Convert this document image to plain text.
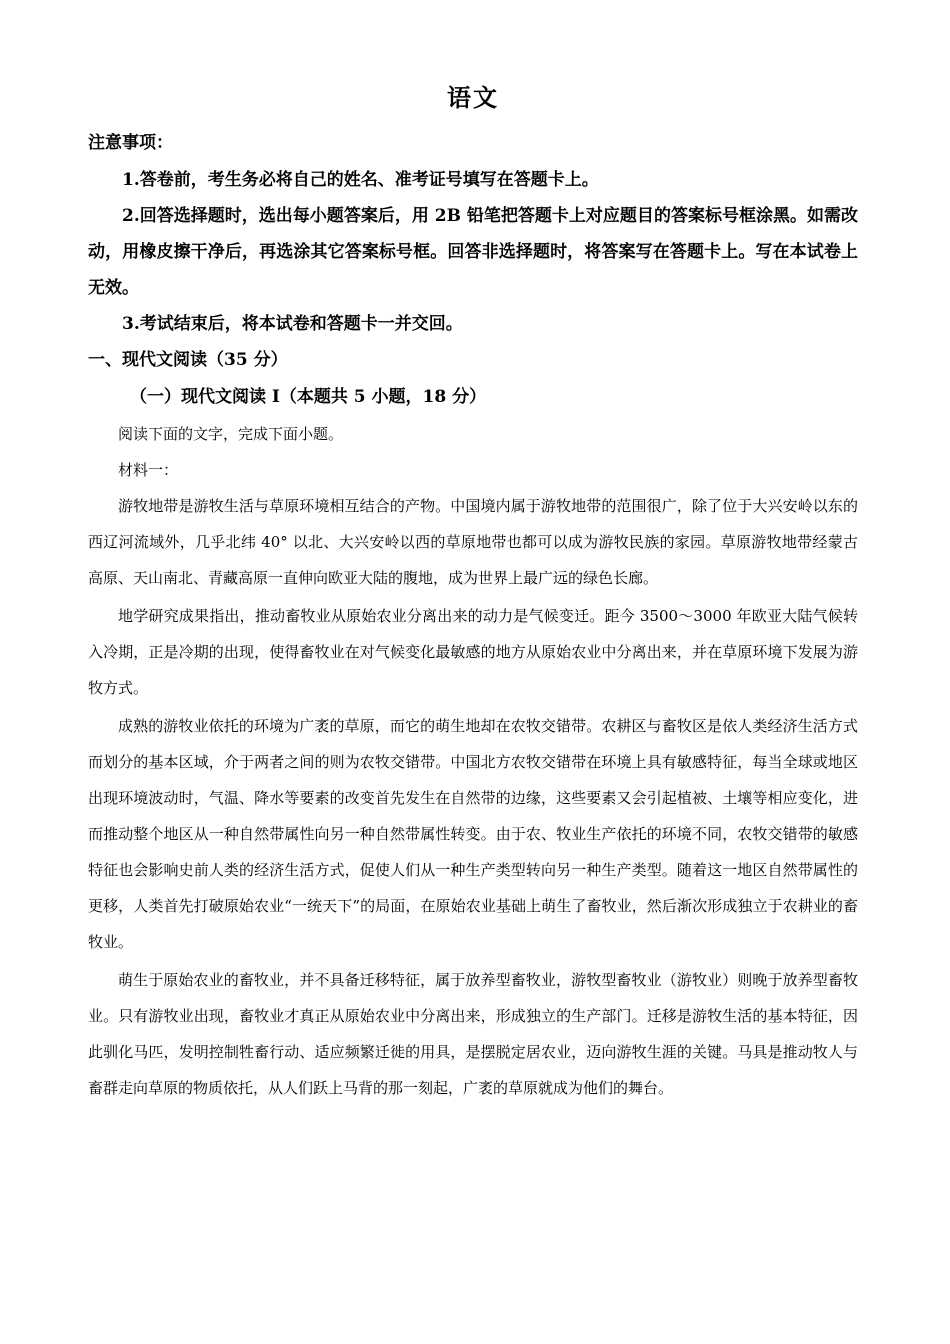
语文

注意事项：

1.答卷前，考生务必将自己的姓名、准考证号填写在答题卡上。

2.回答选择题时，选出每小题答案后，用 2B 铅笔把答题卡上对应题目的答案标号框涂黑。如需改动，用橡皮擦干净后，再选涂其它答案标号框。回答非选择题时，将答案写在答题卡上。写在本试卷上无效。

3.考试结束后，将本试卷和答题卡一并交回。

一、现代文阅读（35 分）

（一）现代文阅读 I（本题共 5 小题，18 分）

阅读下面的文字，完成下面小题。

材料一：

游牧地带是游牧生活与草原环境相互结合的产物。中国境内属于游牧地带的范围很广，除了位于大兴安岭以东的西辽河流域外，几乎北纬 40° 以北、大兴安岭以西的草原地带也都可以成为游牧民族的家园。草原游牧地带经蒙古高原、天山南北、青藏高原一直伸向欧亚大陆的腹地，成为世界上最广远的绿色长廊。

地学研究成果指出，推动畜牧业从原始农业分离出来的动力是气候变迁。距今 3500～3000 年欧亚大陆气候转入冷期，正是冷期的出现，使得畜牧业在对气候变化最敏感的地方从原始农业中分离出来，并在草原环境下发展为游牧方式。

成熟的游牧业依托的环境为广袤的草原，而它的萌生地却在农牧交错带。农耕区与畜牧区是依人类经济生活方式而划分的基本区域，介于两者之间的则为农牧交错带。中国北方农牧交错带在环境上具有敏感特征，每当全球或地区出现环境波动时，气温、降水等要素的改变首先发生在自然带的边缘，这些要素又会引起植被、土壤等相应变化，进而推动整个地区从一种自然带属性向另一种自然带属性转变。由于农、牧业生产依托的环境不同，农牧交错带的敏感特征也会影响史前人类的经济生活方式，促使人们从一种生产类型转向另一种生产类型。随着这一地区自然带属性的更移，人类首先打破原始农业“一统天下”的局面，在原始农业基础上萌生了畜牧业，然后渐次形成独立于农耕业的畜牧业。

萌生于原始农业的畜牧业，并不具备迁移特征，属于放养型畜牧业，游牧型畜牧业（游牧业）则晚于放养型畜牧业。只有游牧业出现，畜牧业才真正从原始农业中分离出来，形成独立的生产部门。迁移是游牧生活的基本特征，因此驯化马匹，发明控制牲畜行动、适应频繁迁徙的用具，是摆脱定居农业，迈向游牧生涯的关键。马具是推动牧人与畜群走向草原的物质依托，从人们跃上马背的那一刻起，广袤的草原就成为他们的舞台。
